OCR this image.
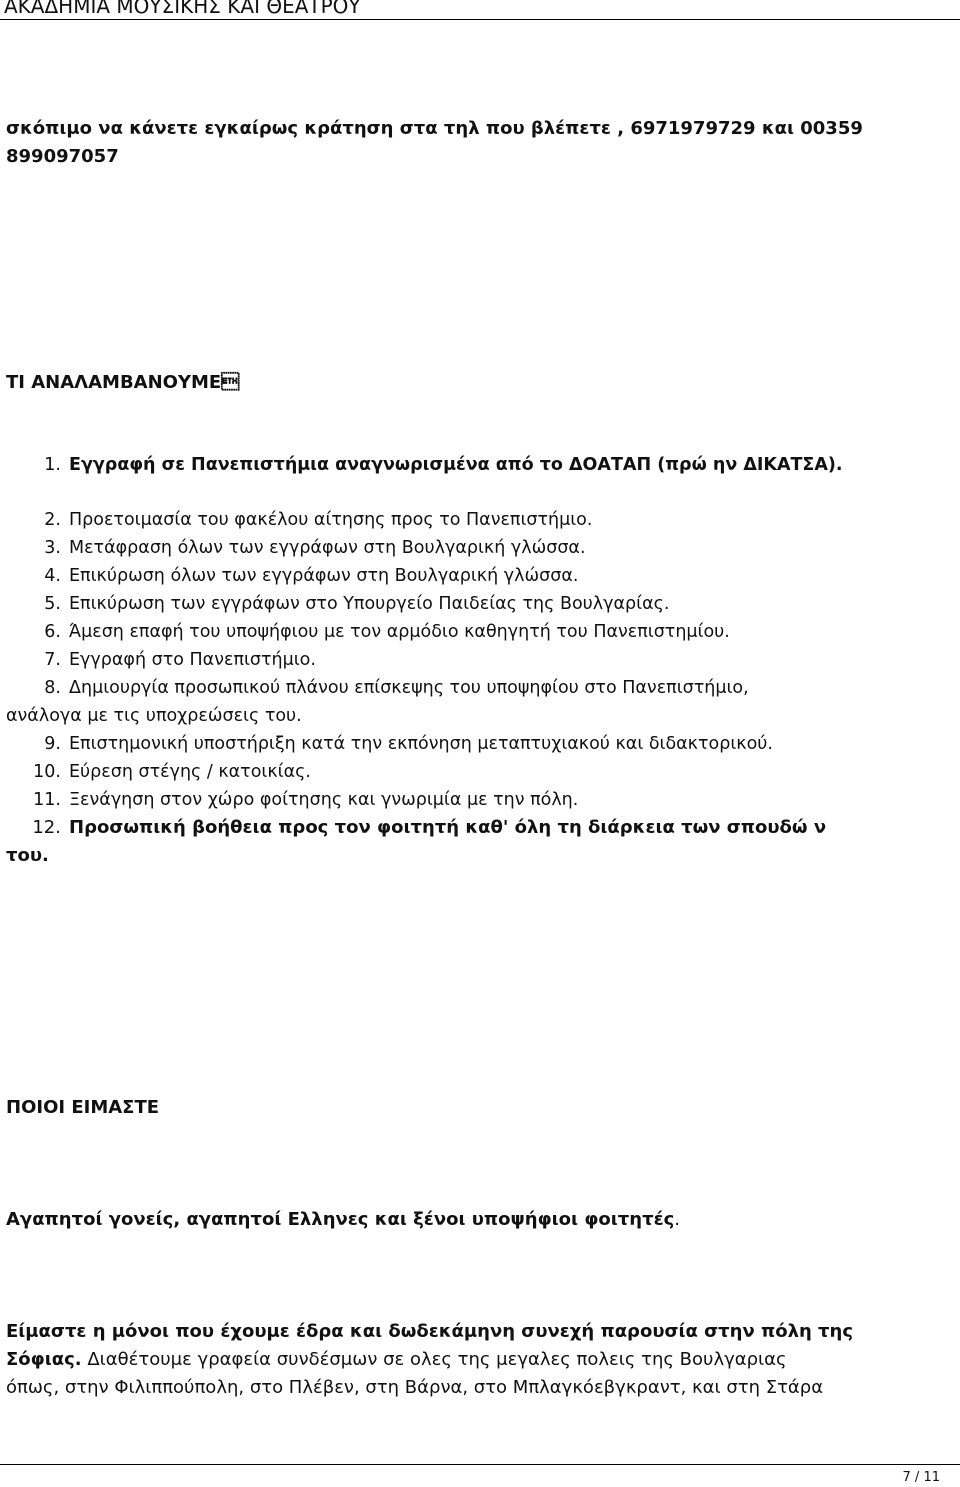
ΑΚΑΔΗΜΙΑ ΜΟΥΣΙΚΗΣ ΚΑΙ ΘΕΑΤΡΟΥ
σκόπιμο να κάνετε εγκαίρως κράτηση στα τηλ που βλέπετε , 6971979729 και 00359
899097057
ΤΙ ΑΝΑΛΑΜΒΑΝΟΥΜΕ
1. Εγγραφή σε Πανεπιστήμια αναγνωρισμένα από το ΔΟΑΤΑΠ (πρώ ην ΔΙΚΑΤΣΑ).
2. Προετοιμασία του φακέλου αίτησης προς το Πανεπιστήμιο.
3. Μετάφραση όλων των εγγράφων στη Βουλγαρική γλώσσα.
4. Επικύρωση όλων των εγγράφων στη Βουλγαρική γλώσσα.
5. Επικύρωση των εγγράφων στο Υπουργείο Παιδείας της Βουλγαρίας.
6. Άμεση επαφή του υποψήφιου με τον αρμόδιο καθηγητή του Πανεπιστημίου.
7. Εγγραφή στο Πανεπιστήμιο.
8. Δημιουργία προσωπικού πλάνου επίσκεψης του υποψηφίου στο Πανεπιστήμιο,
ανάλογα με τις υποχρεώσεις του.
9. Επιστημονική υποστήριξη κατά την εκπόνηση μεταπτυχιακού και διδακτορικού.
10. Εύρεση στέγης / κατοικίας.
11. Ξενάγηση στον χώρο φοίτησης και γνωριμία με την πόλη.
12. Προσωπική βοήθεια προς τον φοιτητή καθ' όλη τη διάρκεια των σπουδώ ν
του.
ΠΟΙΟΙ ΕΙΜΑΣΤΕ
Αγαπητοί γονείς, αγαπητοί Ελληνες και ξένοι υποψήφιοι φοιτητές.
Είμαστε η μόνοι που έχουμε έδρα και δωδεκάμηνη συνεχή παρουσία στην πόλη της
Σόφιας. Διαθέτουμε γραφεία συνδέσμων σε ολες της μεγαλες πολεις της Βουλγαριας
όπως, στην Φιλιππούπολη, στο Πλέβεν, στη Βάρνα, στο Μπλαγκόεβγκραντ, και στη Στάρα
7 / 11
